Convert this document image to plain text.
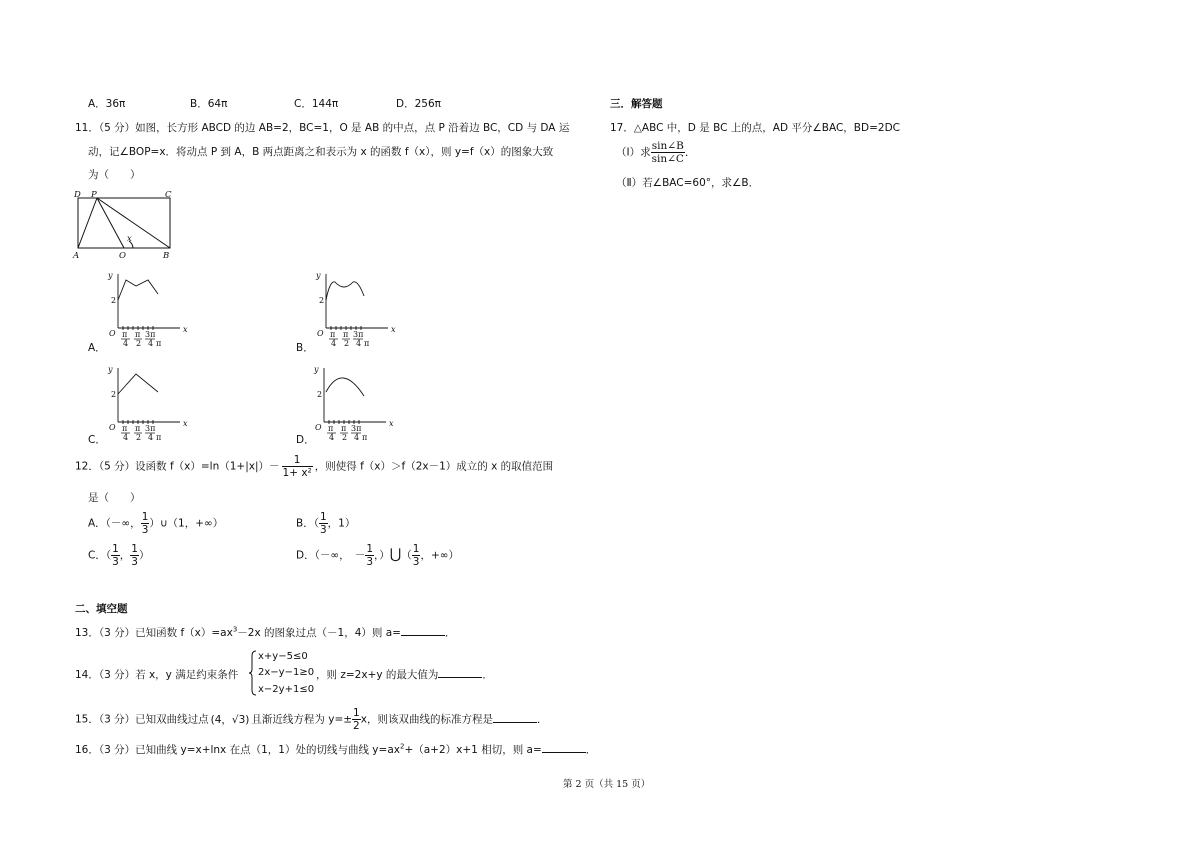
A．36π	B．64π	C．144π	D．256π
11．（5 分）如图，长方形 ABCD 的边 AB=2，BC=1，O 是 AB 的中点，点 P 沿着边 BC，CD 与 DA 运
动，记∠BOP=x．将动点 P 到 A，B 两点距离之和表示为 x 的函数 f（x），则 y=f（x）的图象大致
为（　　）
D P	C
A	O	B
x
y
x
O
2
π
4
π
2
3π
4 π
A．
y
x
O
2
π
4
π
2
3π
4 π
B．
y
x
O
2
π
4
π
2
3π
4 π
C．
y
x
O
2
π
4
π
2
3π
4 π
D．
12．（5 分）设函数 $f(x)=\ln(1+|x|)- \frac{1}{\text{1+ x²}}$ ，则使得 f（x）＞f（2x－1）成立的 x 的取值范围
是（　　）
A．（－∞， $\frac{1}{3}$ ）∪（1，+∞）	B．（ $\frac{1}{3}$ ，1）
C．（ $\frac{1}{3}$ ， $\frac{1}{3}$ ）	D．（－∞，　－ $\frac{1}{3}$ ，）⋃（ $\frac{1}{3}$ ，+∞）
二、填空题
13．（3 分）已知函数 $f(x)=ax^3-2x$ 的图象过点（－1，4）则 a=	．
14．（3 分）若 x，y 满足约束条件
x+y−5≤0
2x−y−1≥0
x−2y+1≤0
，则 z=2x+y 的最大值为	．
15．（3 分）已知双曲线过点 (4，√3) 且渐近线方程为 $y=\pm \frac{1}{2}$ x，则该双曲线的标准方程是	．
16．（3 分）已知曲线 y=x+lnx 在点（1，1）处的切线与曲线 $y=ax^2+(a+2)x+1$ 相切，则 a=	．
三．解答题
17．△ABC 中，D 是 BC 上的点，AD 平分∠BAC，BD=2DC
（Ⅰ）求 $\frac{\sin\angle B}{\sin\angle C}$ ．
（Ⅱ）若∠BAC=60°，求∠B．
第 2 页（共 15 页）
